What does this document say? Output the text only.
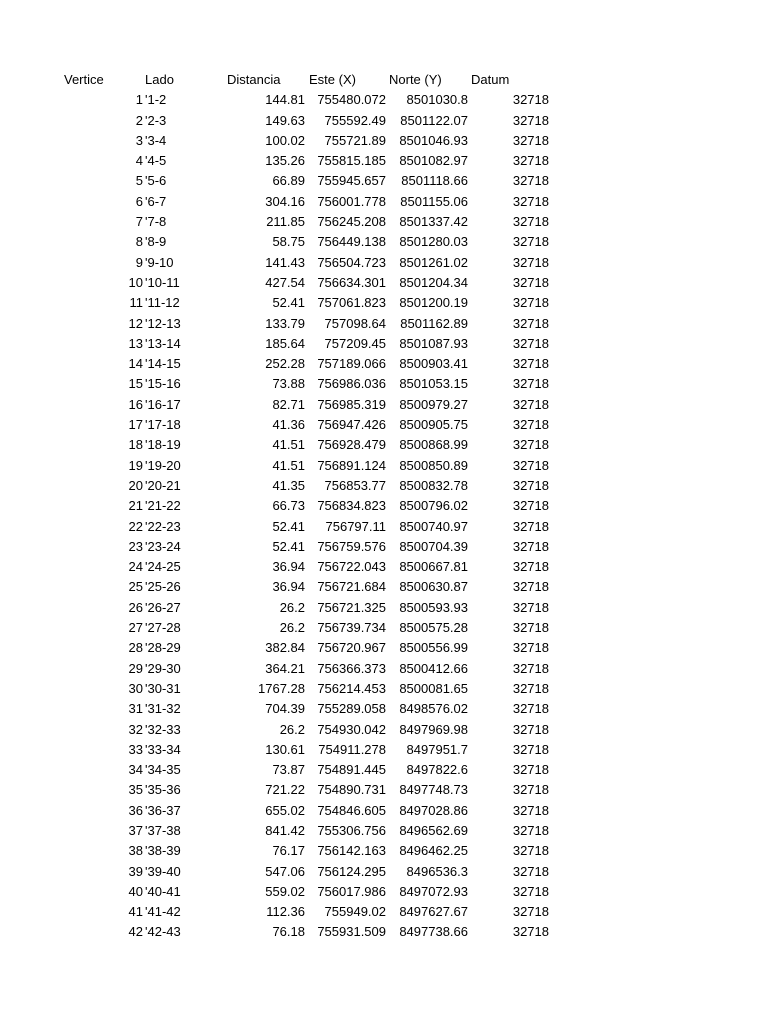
Vertice	Lado	Distancia Este (X)	Norte (Y) Datum
1 '1-2	144.81 755480.072 8501030.8	32718
2 '2-3	149.63 755592.49 8501122.07	32718
3 '3-4	100.02 755721.89 8501046.93	32718
4 '4-5	135.26 755815.185 8501082.97	32718
5 '5-6	66.89 755945.657 8501118.66	32718
6 '6-7	304.16 756001.778 8501155.06	32718
7 '7-8	211.85 756245.208 8501337.42	32718
8 '8-9	58.75 756449.138 8501280.03	32718
9 '9-10	141.43 756504.723 8501261.02	32718
10 '10-11	427.54 756634.301 8501204.34	32718
11 '11-12	52.41 757061.823 8501200.19	32718
12 '12-13	133.79 757098.64 8501162.89	32718
13 '13-14	185.64 757209.45 8501087.93	32718
14 '14-15	252.28 757189.066 8500903.41	32718
15 '15-16	73.88 756986.036 8501053.15	32718
16 '16-17	82.71 756985.319 8500979.27	32718
17 '17-18	41.36 756947.426 8500905.75	32718
18 '18-19	41.51 756928.479 8500868.99	32718
19 '19-20	41.51 756891.124 8500850.89	32718
20 '20-21	41.35 756853.77 8500832.78	32718
21 '21-22	66.73 756834.823 8500796.02	32718
22 '22-23	52.41 756797.11 8500740.97	32718
23 '23-24	52.41 756759.576 8500704.39	32718
24 '24-25	36.94 756722.043 8500667.81	32718
25 '25-26	36.94 756721.684 8500630.87	32718
26 '26-27	26.2 756721.325 8500593.93	32718
27 '27-28	26.2 756739.734 8500575.28	32718
28 '28-29	382.84 756720.967 8500556.99	32718
29 '29-30	364.21 756366.373 8500412.66	32718
30 '30-31	1767.28 756214.453 8500081.65	32718
31 '31-32	704.39 755289.058 8498576.02	32718
32 '32-33	26.2 754930.042 8497969.98	32718
33 '33-34	130.61 754911.278 8497951.7	32718
34 '34-35	73.87 754891.445 8497822.6	32718
35 '35-36	721.22 754890.731 8497748.73	32718
36 '36-37	655.02 754846.605 8497028.86	32718
37 '37-38	841.42 755306.756 8496562.69	32718
38 '38-39	76.17 756142.163 8496462.25	32718
39 '39-40	547.06 756124.295 8496536.3	32718
40 '40-41	559.02 756017.986 8497072.93	32718
41 '41-42	112.36 755949.02 8497627.67	32718
42 '42-43	76.18 755931.509 8497738.66	32718
